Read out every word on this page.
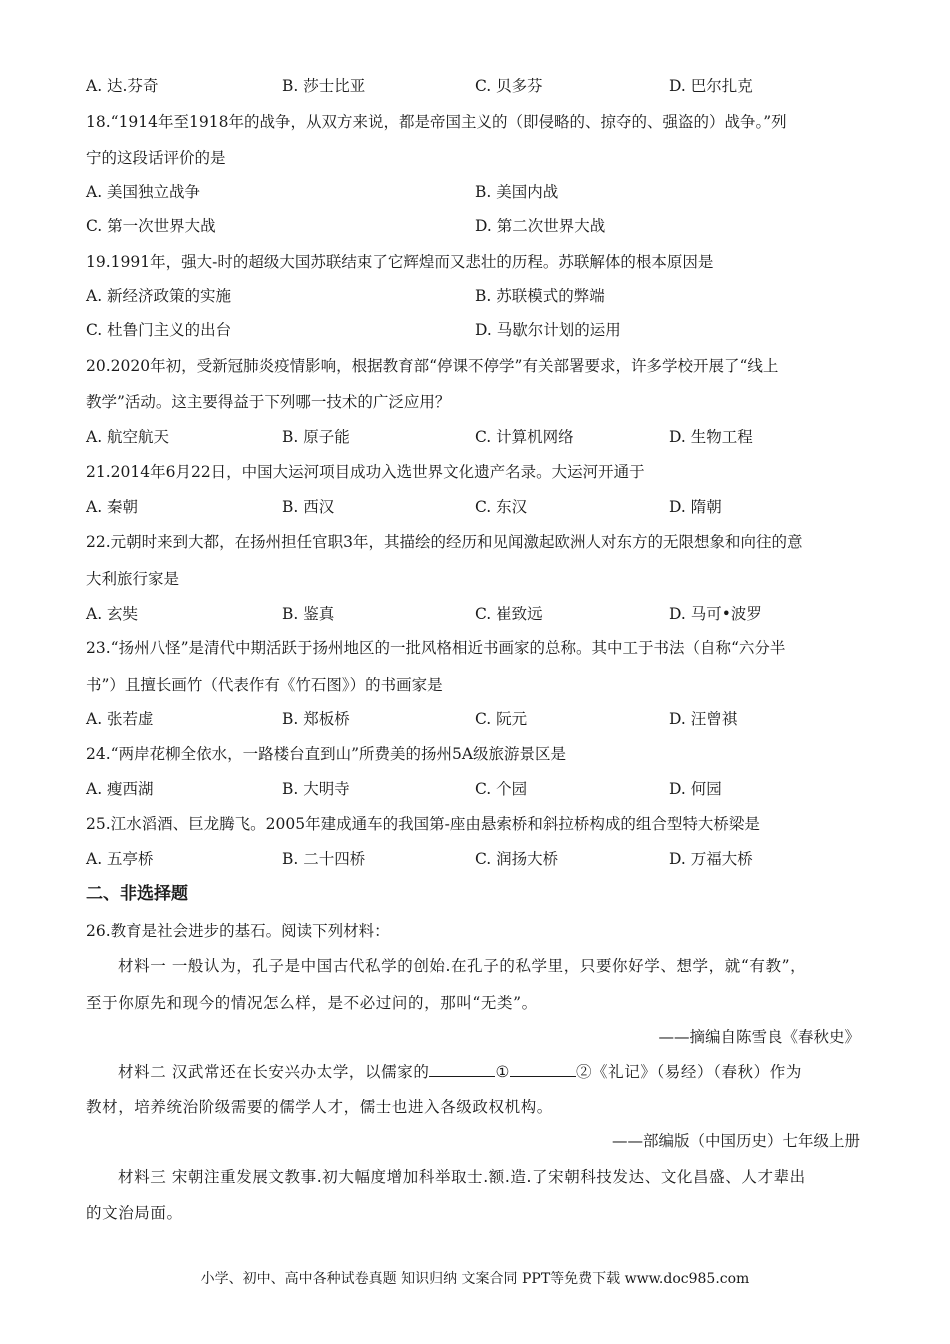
A. 达.芬奇	B. 莎士比亚	C. 贝多芬	D. 巴尔扎克
18.“1914年至1918年的战争，从双方来说，都是帝国主义的（即侵略的、掠夺的、强盗的）战争。”列
宁的这段话评价的是
A. 美国独立战争	B. 美国内战
C. 第一次世界大战	D. 第二次世界大战
19.1991年，强大-时的超级大国苏联结束了它辉煌而又悲壮的历程。苏联解体的根本原因是
A. 新经济政策的实施	B. 苏联模式的弊端
C. 杜鲁门主义的出台	D. 马歇尔计划的运用
20.2020年初，受新冠肺炎疫情影响，根据教育部“停课不停学”有关部署要求，许多学校开展了“线上
教学”活动。这主要得益于下列哪一技术的广泛应用？
A. 航空航天	B. 原子能	C. 计算机网络	D. 生物工程
21.2014年6月22日，中国大运河项目成功入选世界文化遗产名录。大运河开通于
A. 秦朝	B. 西汉	C. 东汉	D. 隋朝
22.元朝时来到大都，在扬州担任官职3年，其描绘的经历和见闻激起欧洲人对东方的无限想象和向往的意
大利旅行家是
A. 玄奘	B. 鉴真	C. 崔致远	D. 马可•波罗
23.“扬州八怪”是清代中期活跃于扬州地区的一批风格相近书画家的总称。其中工于书法（自称“六分半
书”）且擅长画竹（代表作有《竹石图》）的书画家是
A. 张若虚	B. 郑板桥	C. 阮元	D. 汪曾祺
24.“两岸花柳全依水，一路楼台直到山”所费美的扬州5A级旅游景区是
A. 瘦西湖	B. 大明寺	C. 个园	D. 何园
25.江水滔酒、巨龙腾飞。2005年建成通车的我国第-座由悬索桥和斜拉桥构成的组合型特大桥梁是
A. 五亭桥	B. 二十四桥	C. 润扬大桥	D. 万福大桥
二、非选择题
26.教育是社会进步的基石。阅读下列材料：
材料一 一般认为，孔子是中国古代私学的创始.在孔子的私学里，只要你好学、想学，就“有教”，
至于你原先和现今的情况怎么样，是不必过问的，那叫“无类”。
——摘编自陈雪良《春秋史》
材料二 汉武常还在长安兴办太学，以儒家的	①	②《礼记》（易经）（春秋）作为
教材，培养统治阶级需要的儒学人才，儒士也进入各级政权机构。
——部编版（中国历史）七年级上册
材料三 宋朝注重发展文教事.初大幅度增加科举取士.额.造.了宋朝科技发达、文化昌盛、人才辈出
的文治局面。
小学、初中、高中各种试卷真题 知识归纳 文案合同 PPT等免费下载 www.doc985.com
